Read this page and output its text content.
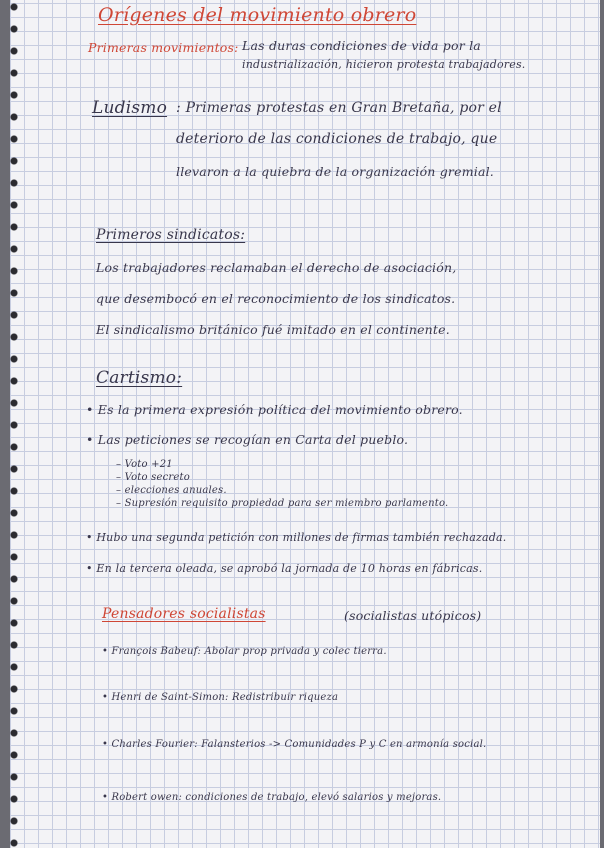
Orígenes del movimiento obrero

Primeras movimientos: Las duras condiciones de vida por la

industrialización, hicieron protesta trabajadores.

Ludismo : Primeras protestas en Gran Bretaña, por el

deterioro de las condiciones de trabajo, que

llevaron a la quiebra de la organización gremial.

Primeros sindicatos:

Los trabajadores reclamaban el derecho de asociación,

que desembocó en el reconocimiento de los sindicatos.

El sindicalismo británico fué imitado en el continente.

Cartismo:

• Es la primera expresión política del movimiento obrero.

• Las peticiones se recogían en Carta del pueblo.

– Voto +21

– Voto secreto

– elecciones anuales.

– Supresión requisito propiedad para ser miembro parlamento.

• Hubo una segunda petición con millones de firmas también rechazada.

• En la tercera oleada, se aprobó la jornada de 10 horas en fábricas.

Pensadores socialistas	(socialistas utópicos)

• François Babeuf: Abolar prop privada y colec tierra.

• Henri de Saint-Simon: Redistribuir riqueza

• Charles Fourier: Falansterios -> Comunidades P y C en armonía social.

• Robert owen: condiciones de trabajo, elevó salarios y mejoras.
